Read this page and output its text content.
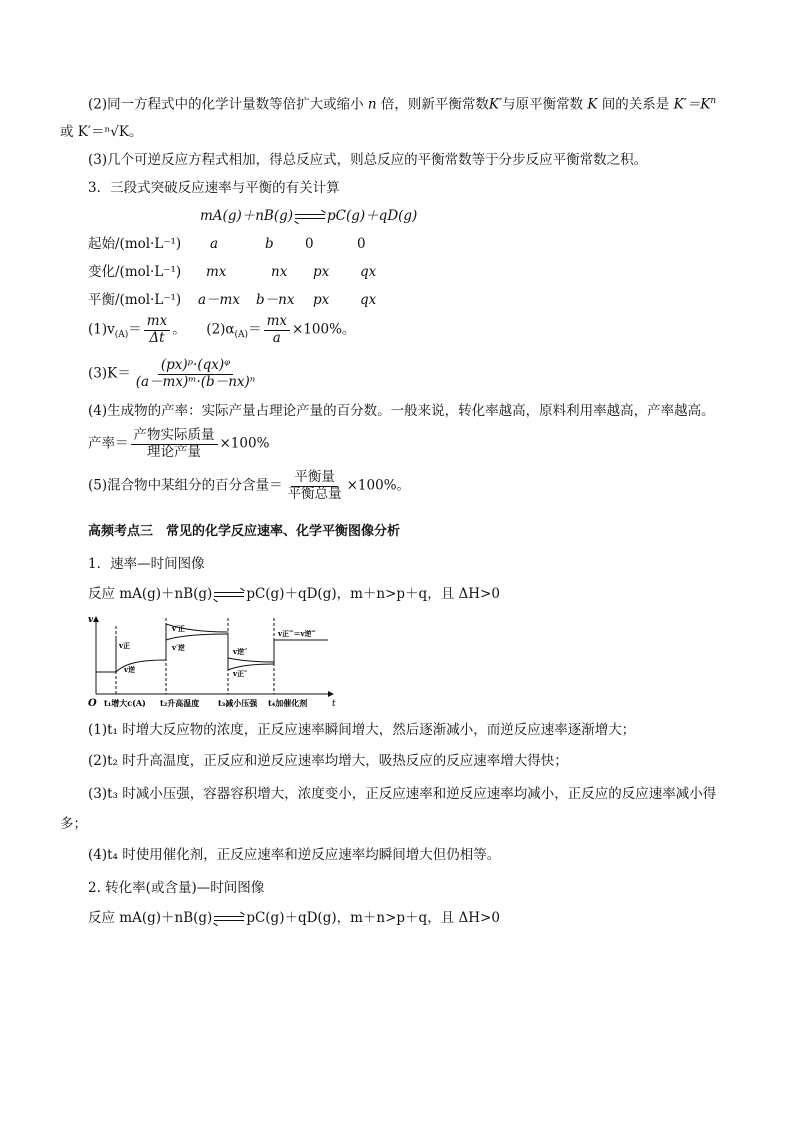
(2)同一方程式中的化学计量数等倍扩大或缩小 n 倍，则新平衡常数K′与原平衡常数 K 间的关系是 $K'=K^n$
或 K′＝ⁿ√K。
(3)几个可逆反应方程式相加，得总反应式，则总反应的平衡常数等于分步反应平衡常数之积。
3．三段式突破反应速率与平衡的有关计算
mA(g)＋nB(g)	pC(g)＋qD(g)
起始/(mol·L⁻¹) a	b 0	0
变化/(mol·L⁻¹) mx	nx px qx
平衡/(mol·L⁻¹) a－mx b－nx px qx
$(1)v_{(A)}= \frac{mx}{\Delta t}$ 。 $(2)\alpha_{(A)}= \frac{mx}{a} \times 100\%$。
$(3)K= \frac{\text{(px)ᵖ·(qx)ᵠ}}{\text{(a－mx)ᵐ·(b－nx)ⁿ}}$
(4)生成物的产率：实际产量占理论产量的百分数。一般来说，转化率越高，原料利用率越高，产率越高。
产率＝ $\frac{\text{产物实际质量}}{\text{理论产量}} \times 100\%$
(5)混合物中某组分的百分含量＝ $\frac{\text{平衡量}}{\text{平衡总量}} \times 100\%$。
高频考点三　常见的化学反应速率、化学平衡图像分析
1．速率—时间图像
反应 mA(g)＋nB(g)	pC(g)＋qD(g)，m＋n>p＋q，且 ΔH>0
v
O	t
v正
v逆
v′正
v′逆	v逆″
v正″
v正‴＝v逆‴
t₁增大c(A) t₂升高温度 t₃减小压强 t₄加催化剂
(1)t₁ 时增大反应物的浓度，正反应速率瞬间增大，然后逐渐减小，而逆反应速率逐渐增大；
(2)t₂ 时升高温度，正反应和逆反应速率均增大，吸热反应的反应速率增大得快；
(3)t₃ 时减小压强，容器容积增大，浓度变小，正反应速率和逆反应速率均减小，正反应的反应速率减小得
多；
(4)t₄ 时使用催化剂，正反应速率和逆反应速率均瞬间增大但仍相等。
2. 转化率(或含量)—时间图像
反应 mA(g)＋nB(g)	pC(g)＋qD(g)，m＋n>p＋q，且 ΔH>0
